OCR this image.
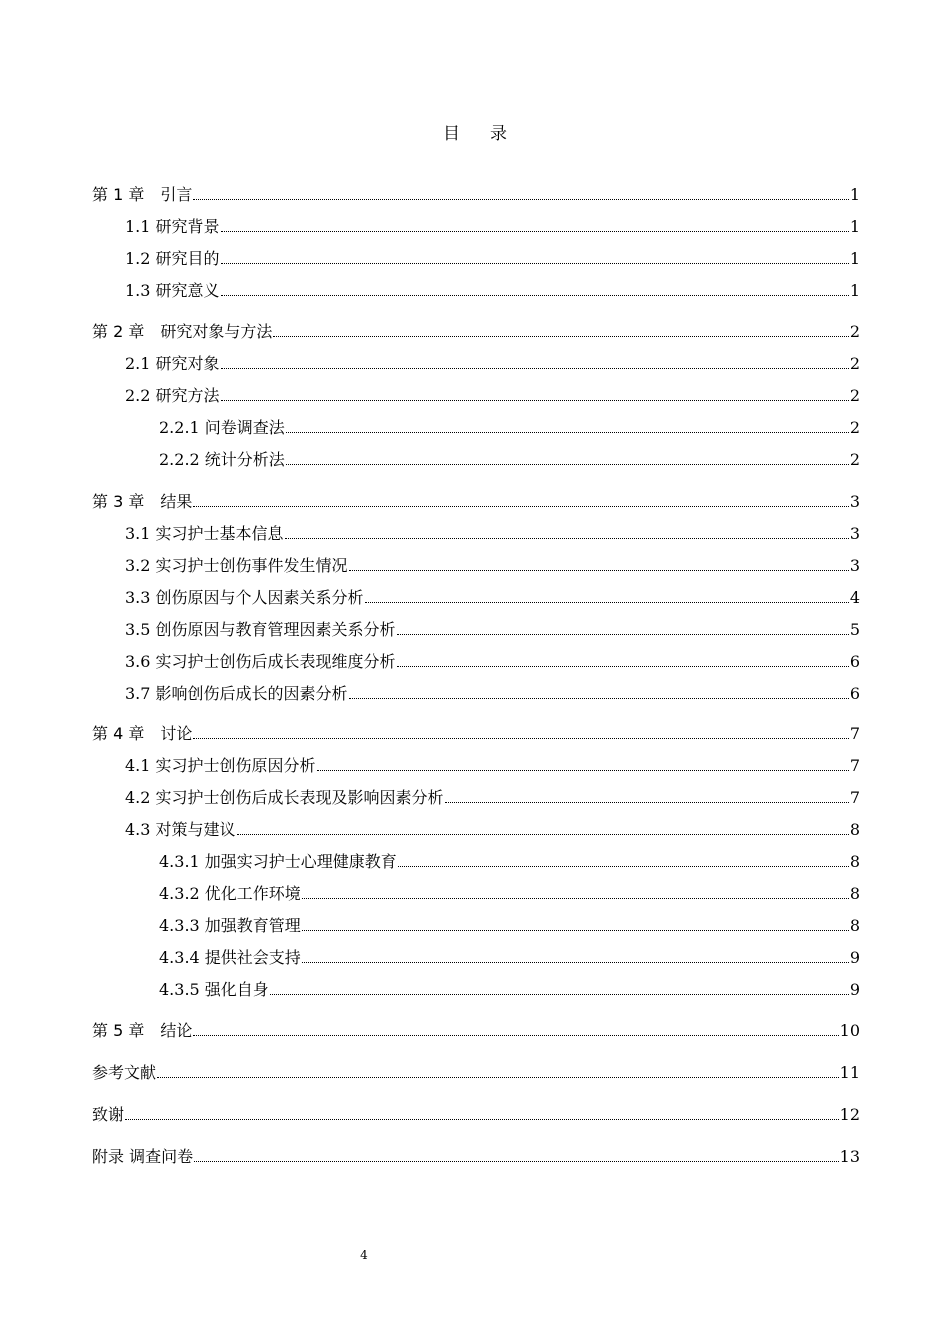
目录
第 1 章　引言	1
1.1 研究背景	1
1.2 研究目的	1
1.3 研究意义	1
第 2 章　研究对象与方法	2
2.1 研究对象	2
2.2 研究方法	2
2.2.1 问卷调查法	2
2.2.2 统计分析法	2
第 3 章　结果	3
3.1 实习护士基本信息	3
3.2 实习护士创伤事件发生情况	3
3.3 创伤原因与个人因素关系分析	4
3.5 创伤原因与教育管理因素关系分析	5
3.6 实习护士创伤后成长表现维度分析	6
3.7 影响创伤后成长的因素分析	6
第 4 章　讨论	7
4.1 实习护士创伤原因分析	7
4.2 实习护士创伤后成长表现及影响因素分析	7
4.3 对策与建议	8
4.3.1 加强实习护士心理健康教育	8
4.3.2 优化工作环境	8
4.3.3 加强教育管理	8
4.3.4 提供社会支持	9
4.3.5 强化自身	9
第 5 章　结论	10
参考文献	11
致谢	12
附录 调查问卷	13
4
